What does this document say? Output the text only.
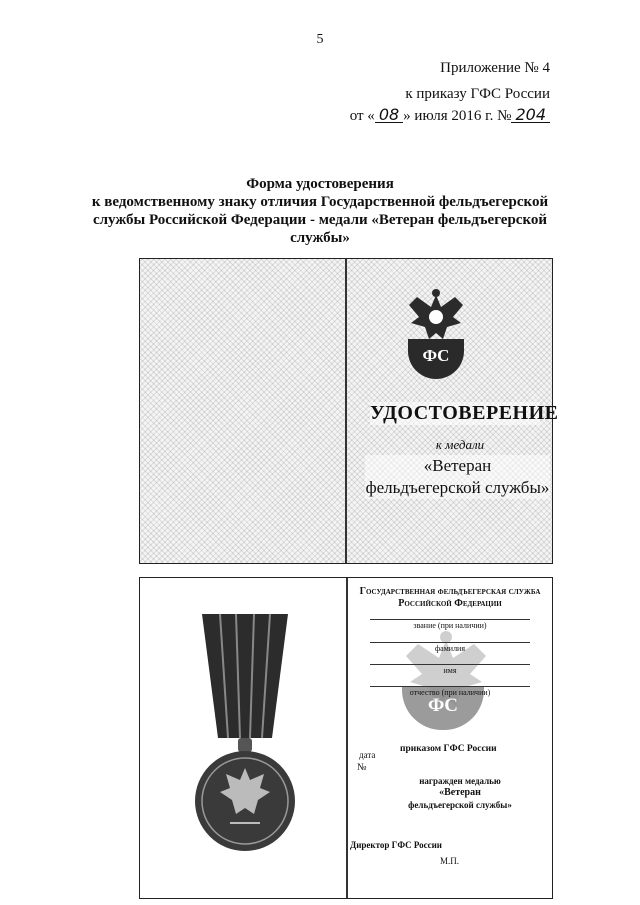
5
Приложение № 4
к приказу ГФС России
от « 08 » июля 2016 г. № 204
Форма удостоверения
к ведомственному знаку отличия Государственной фельдъегерской
службы Российской Федерации - медали «Ветеран фельдъегерской
службы»
ФС
УДОСТОВЕРЕНИЕ
к медали
«Ветеран
фельдъегерской службы»
Государственная фельдъегерская служба
Российской Федерации
ФС
звание (при наличии)
фамилия
имя
отчество (при наличии)
приказом ГФС России
дата
№
награжден медалью
«Ветеран
фельдъегерской службы»
Директор ГФС России
М.П.
